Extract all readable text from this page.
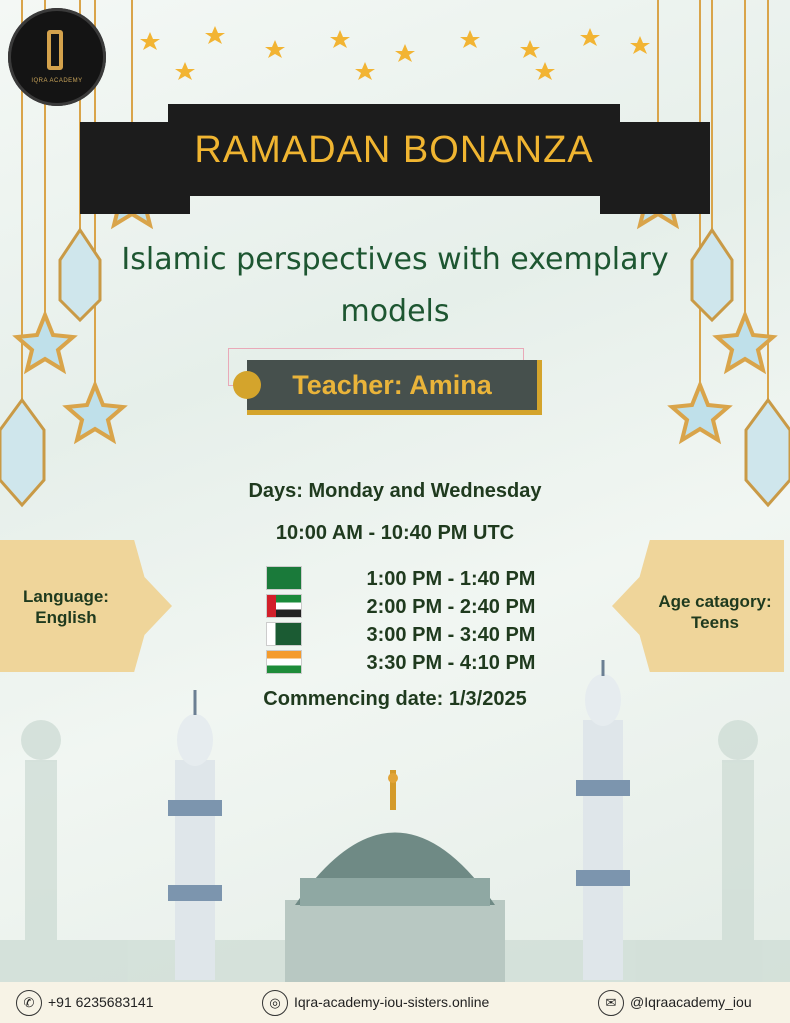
IQRA ACADEMY
RAMADAN BONANZA
Islamic perspectives with exemplary
models
Teacher: Amina
Days: Monday and Wednesday
10:00 AM - 10:40 PM UTC
1:00 PM - 1:40 PM
2:00 PM - 2:40 PM
3:00 PM - 3:40 PM
3:30 PM - 4:10 PM
Commencing date: 1/3/2025
Language:
English
Age catagory:
Teens
✆ +91 6235683141	◎ Iqra-academy-iou-sisters.online	✉ @Iqraacademy_iou
